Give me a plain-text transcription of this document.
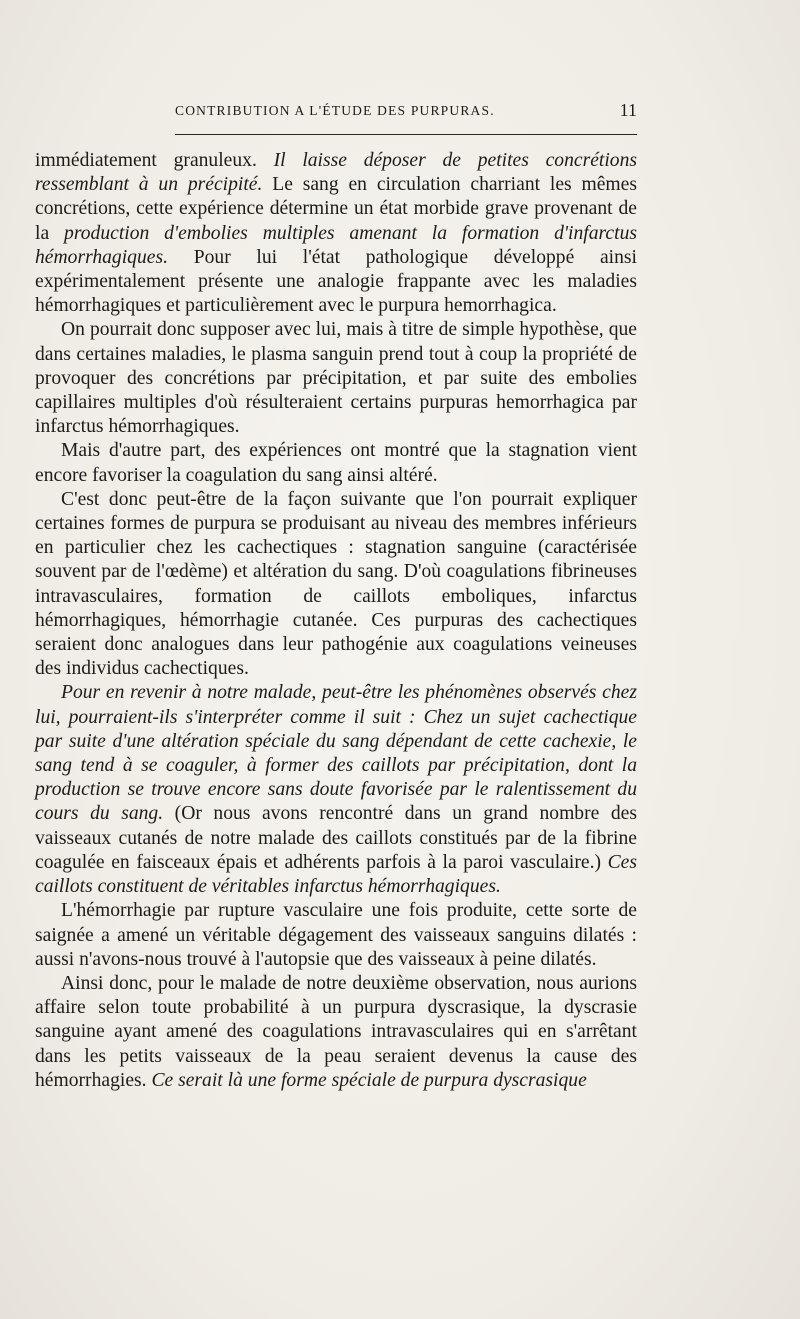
CONTRIBUTION A L'ÉTUDE DES PURPURAS.	11

immédiatement granuleux. Il laisse déposer de petites concrétions ressemblant à un précipité. Le sang en circulation charriant les mêmes concrétions, cette expérience détermine un état morbide grave provenant de la production d'embolies multiples amenant la formation d'infarctus hémorrhagiques. Pour lui l'état pathologique développé ainsi expérimentalement présente une analogie frappante avec les maladies hémorrhagiques et particulièrement avec le purpura hemorrhagica.

On pourrait donc supposer avec lui, mais à titre de simple hypothèse, que dans certaines maladies, le plasma sanguin prend tout à coup la propriété de provoquer des concrétions par précipitation, et par suite des embolies capillaires multiples d'où résulteraient certains purpuras hemorrhagica par infarctus hémorrhagiques.

Mais d'autre part, des expériences ont montré que la stagnation vient encore favoriser la coagulation du sang ainsi altéré.

C'est donc peut-être de la façon suivante que l'on pourrait expliquer certaines formes de purpura se produisant au niveau des membres inférieurs en particulier chez les cachectiques : stagnation sanguine (caractérisée souvent par de l'œdème) et altération du sang. D'où coagulations fibrineuses intravasculaires, formation de caillots emboliques, infarctus hémorrhagiques, hémorrhagie cutanée. Ces purpuras des cachectiques seraient donc analogues dans leur pathogénie aux coagulations veineuses des individus cachectiques.

Pour en revenir à notre malade, peut-être les phénomènes observés chez lui, pourraient-ils s'interpréter comme il suit : Chez un sujet cachectique par suite d'une altération spéciale du sang dépendant de cette cachexie, le sang tend à se coaguler, à former des caillots par précipitation, dont la production se trouve encore sans doute favorisée par le ralentissement du cours du sang. (Or nous avons rencontré dans un grand nombre des vaisseaux cutanés de notre malade des caillots constitués par de la fibrine coagulée en faisceaux épais et adhérents parfois à la paroi vasculaire.) Ces caillots constituent de véritables infarctus hémorrhagiques.

L'hémorrhagie par rupture vasculaire une fois produite, cette sorte de saignée a amené un véritable dégagement des vaisseaux sanguins dilatés : aussi n'avons-nous trouvé à l'autopsie que des vaisseaux à peine dilatés.

Ainsi donc, pour le malade de notre deuxième observation, nous aurions affaire selon toute probabilité à un purpura dyscrasique, la dyscrasie sanguine ayant amené des coagulations intravasculaires qui en s'arrêtant dans les petits vaisseaux de la peau seraient devenus la cause des hémorrhagies. Ce serait là une forme spéciale de purpura dyscrasique
